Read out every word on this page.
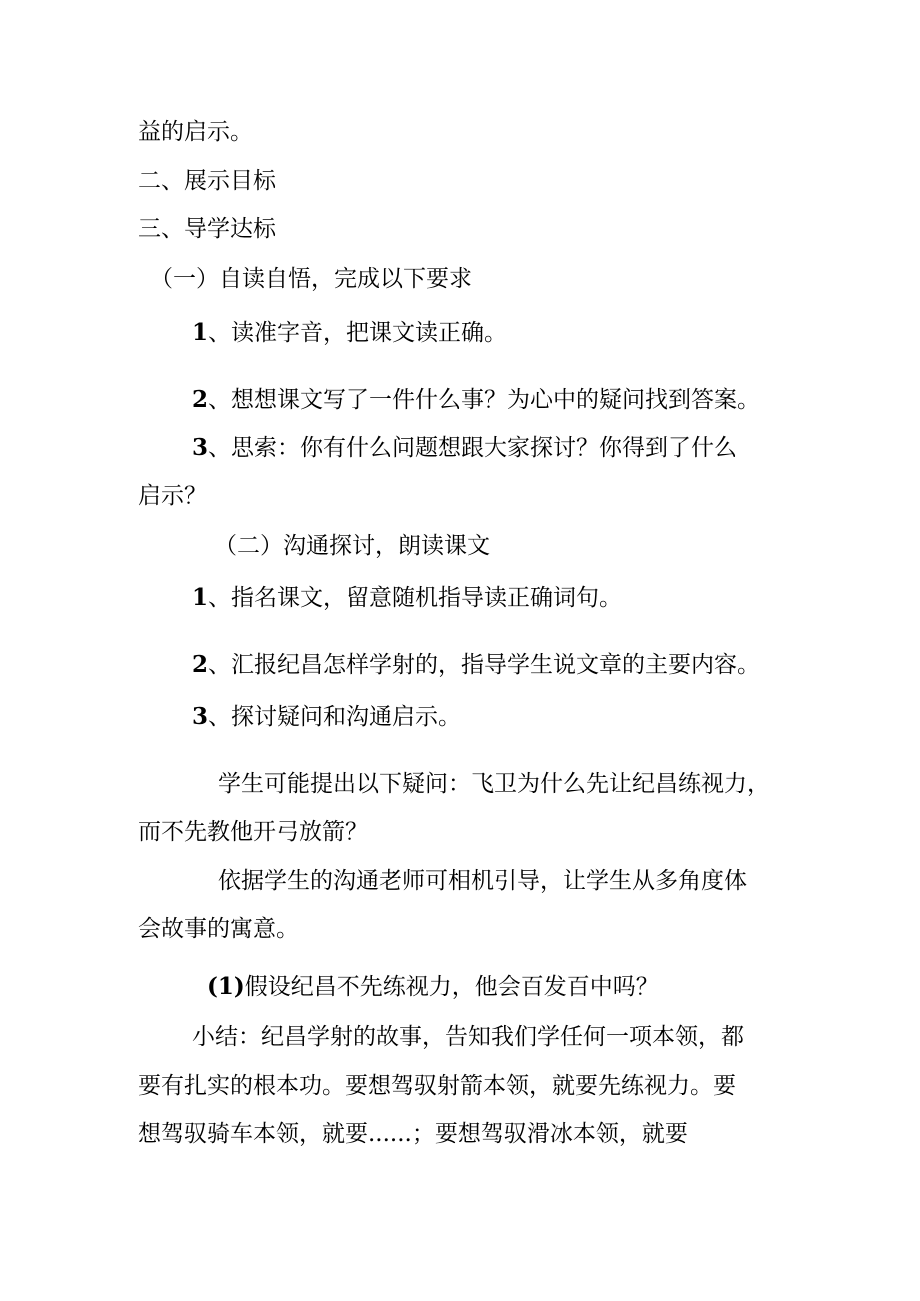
益的启示。

二、展示目标

三、导学达标

（一）自读自悟，完成以下要求

1、读准字音，把课文读正确。

2、想想课文写了一件什么事？为心中的疑问找到答案。

3、思索：你有什么问题想跟大家探讨？你得到了什么

启示？

（二）沟通探讨，朗读课文

1、指名课文，留意随机指导读正确词句。

2、汇报纪昌怎样学射的，指导学生说文章的主要内容。

3、探讨疑问和沟通启示。

学生可能提出以下疑问：飞卫为什么先让纪昌练视力，

而不先教他开弓放箭？

依据学生的沟通老师可相机引导，让学生从多角度体

会故事的寓意。

(1)假设纪昌不先练视力，他会百发百中吗？

小结：纪昌学射的故事，告知我们学任何一项本领，都

要有扎实的根本功。要想驾驭射箭本领，就要先练视力。要

想驾驭骑车本领，就要......；要想驾驭滑冰本领，就要
